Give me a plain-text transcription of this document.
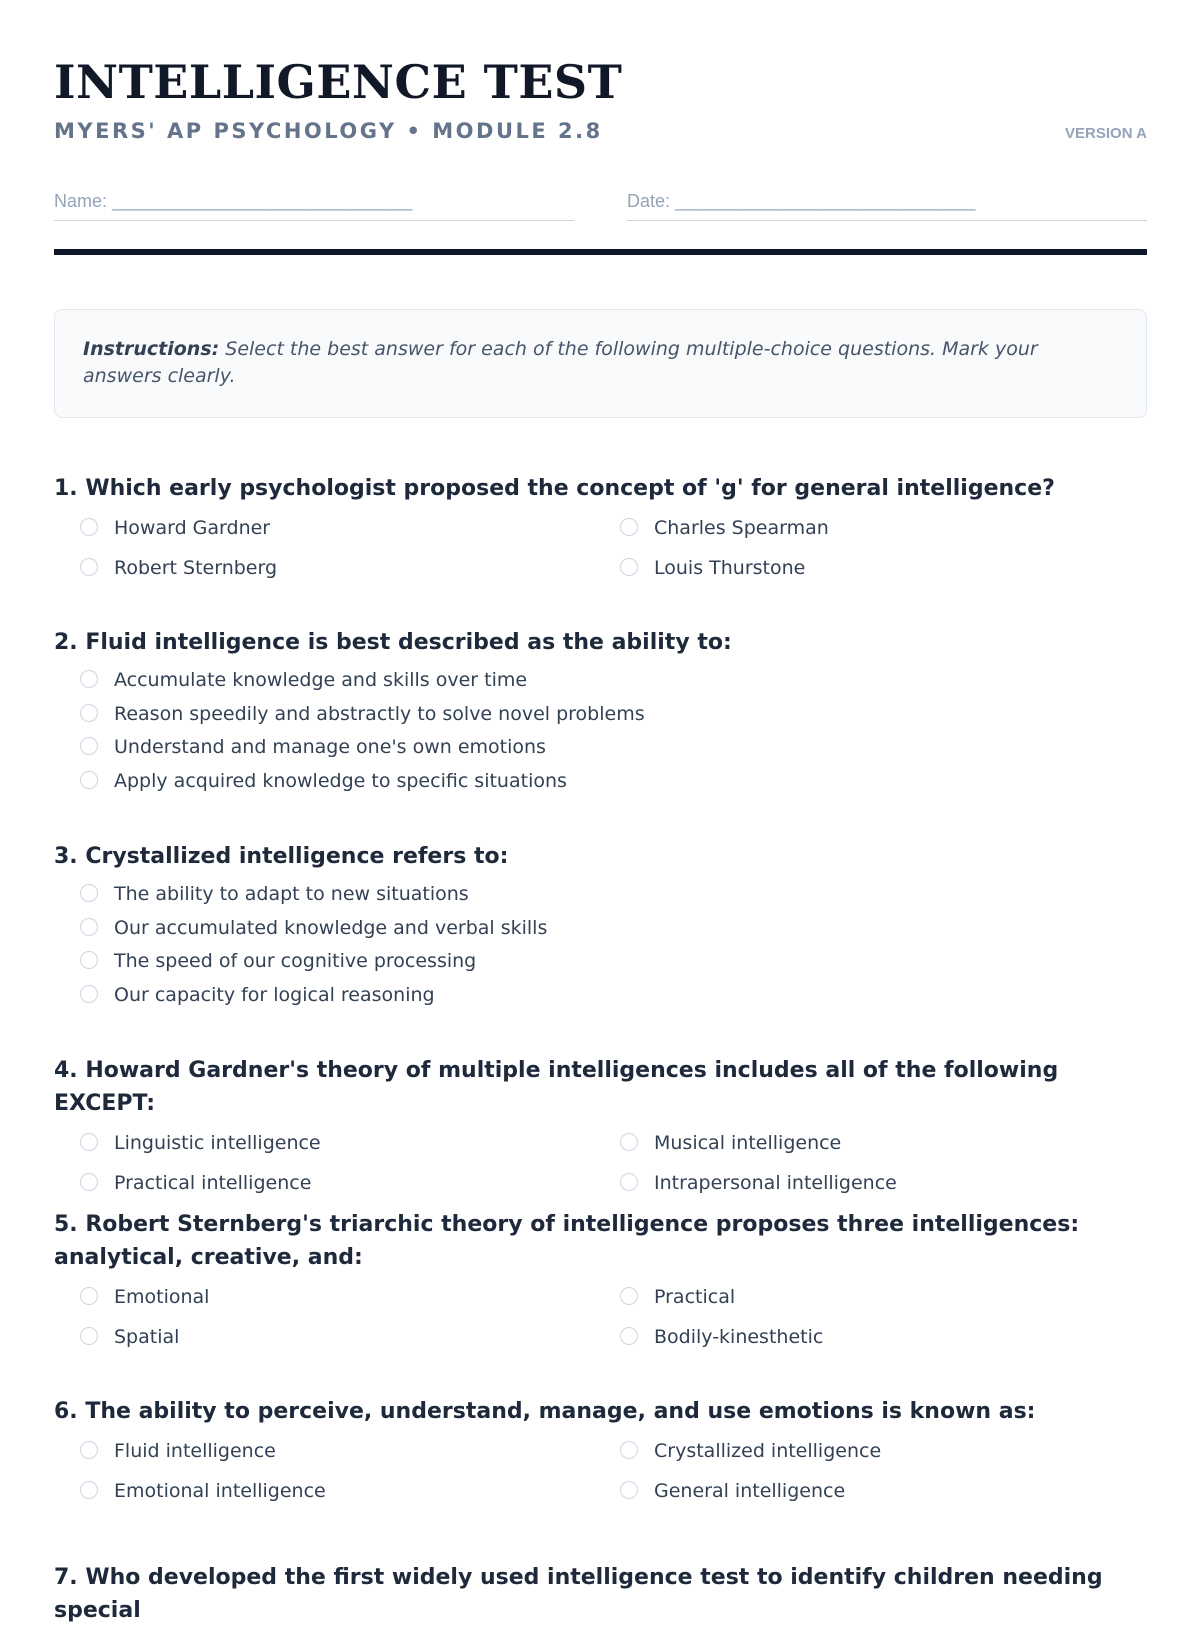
INTELLIGENCE TEST
MYERS' AP PSYCHOLOGY • MODULE 2.8	VERSION A
Name: ______________________________	Date: ______________________________
Instructions: Select the best answer for each of the following multiple-choice questions. Mark your answers clearly.

1. Which early psychologist proposed the concept of 'g' for general intelligence?

Howard Gardner	Charles Spearman
Robert Sternberg	Louis Thurstone

2. Fluid intelligence is best described as the ability to:

Accumulate knowledge and skills over time
Reason speedily and abstractly to solve novel problems
Understand and manage one's own emotions
Apply acquired knowledge to specific situations

3. Crystallized intelligence refers to:

The ability to adapt to new situations
Our accumulated knowledge and verbal skills
The speed of our cognitive processing
Our capacity for logical reasoning

4. Howard Gardner's theory of multiple intelligences includes all of the following EXCEPT:

Linguistic intelligence	Musical intelligence
Practical intelligence	Intrapersonal intelligence

5. Robert Sternberg's triarchic theory of intelligence proposes three intelligences: analytical, creative, and:

Emotional	Practical
Spatial	Bodily-kinesthetic

6. The ability to perceive, understand, manage, and use emotions is known as:

Fluid intelligence	Crystallized intelligence
Emotional intelligence	General intelligence

7. Who developed the first widely used intelligence test to identify children needing special
